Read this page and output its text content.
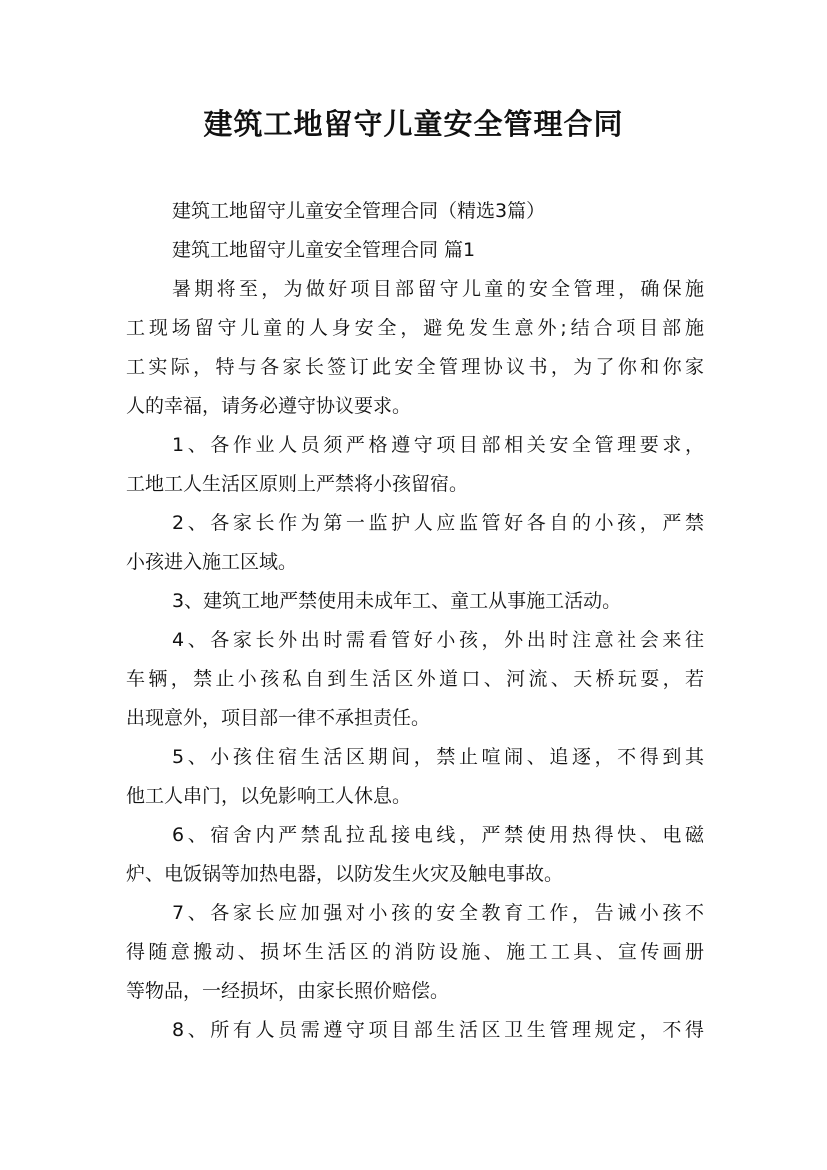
建筑工地留守儿童安全管理合同
建筑工地留守儿童安全管理合同（精选3篇）
建筑工地留守儿童安全管理合同 篇1
暑期将至，为做好项目部留守儿童的安全管理，确保施
工现场留守儿童的人身安全，避免发生意外;结合项目部施
工实际，特与各家长签订此安全管理协议书，为了你和你家
人的幸福，请务必遵守协议要求。
1、各作业人员须严格遵守项目部相关安全管理要求，
工地工人生活区原则上严禁将小孩留宿。
2、各家长作为第一监护人应监管好各自的小孩，严禁
小孩进入施工区域。
3、建筑工地严禁使用未成年工、童工从事施工活动。
4、各家长外出时需看管好小孩，外出时注意社会来往
车辆，禁止小孩私自到生活区外道口、河流、天桥玩耍，若
出现意外，项目部一律不承担责任。
5、小孩住宿生活区期间，禁止喧闹、追逐，不得到其
他工人串门，以免影响工人休息。
6、宿舍内严禁乱拉乱接电线，严禁使用热得快、电磁
炉、电饭锅等加热电器，以防发生火灾及触电事故。
7、各家长应加强对小孩的安全教育工作，告诫小孩不
得随意搬动、损坏生活区的消防设施、施工工具、宣传画册
等物品，一经损坏，由家长照价赔偿。
8、所有人员需遵守项目部生活区卫生管理规定，不得
